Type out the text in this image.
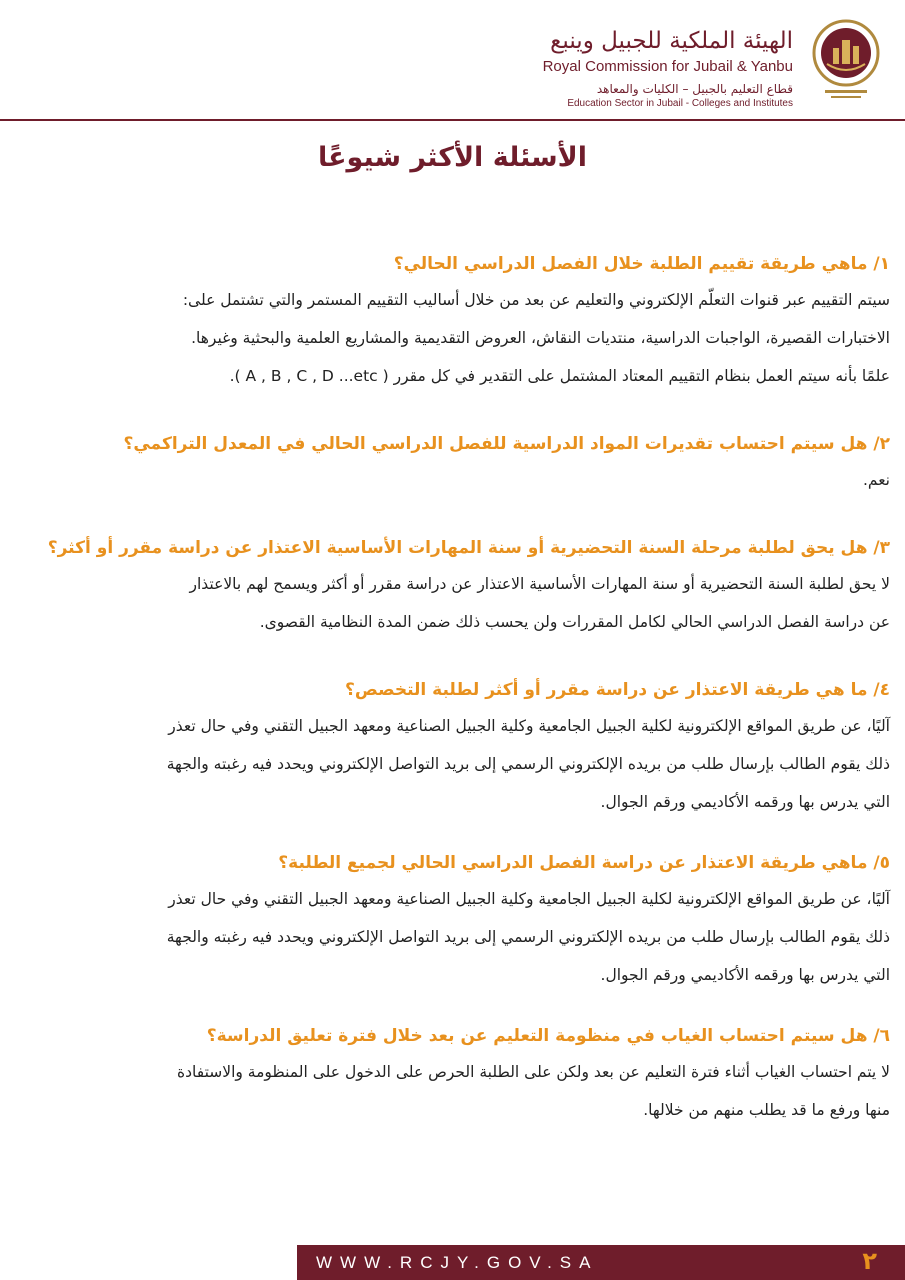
الهيئة الملكية للجبيل وينبع
Royal Commission for Jubail & Yanbu
قطاع التعليم بالجبيل – الكليات والمعاهد
Education Sector in Jubail - Colleges and Institutes
الأسئلة الأكثر شيوعًا

١/ ماهي طريقة تقييم الطلبة خلال الفصل الدراسي الحالي؟

سيتم التقييم عبر قنوات التعلّم الإلكتروني والتعليم عن بعد من خلال أساليب التقييم المستمر والتي تشتمل على:

الاختبارات القصيرة، الواجبات الدراسية، منتديات النقاش، العروض التقديمية والمشاريع العلمية والبحثية وغيرها.

علمًا بأنه سيتم العمل بنظام التقييم المعتاد المشتمل على التقدير في كل مقرر ( A , B , C , D ...etc ).

٢/ هل سيتم احتساب تقديرات المواد الدراسية للفصل الدراسي الحالي في المعدل التراكمي؟

نعم.

٣/ هل يحق لطلبة مرحلة السنة التحضيرية أو سنة المهارات الأساسية الاعتذار عن دراسة مقرر أو أكثر؟

لا يحق لطلبة السنة التحضيرية أو سنة المهارات الأساسية الاعتذار عن دراسة مقرر أو أكثر ويسمح لهم بالاعتذار

عن دراسة الفصل الدراسي الحالي لكامل المقررات ولن يحسب ذلك ضمن المدة النظامية القصوى.

٤/ ما هي طريقة الاعتذار عن دراسة مقرر أو أكثر لطلبة التخصص؟

آليًا، عن طريق المواقع الإلكترونية لكلية الجبيل الجامعية وكلية الجبيل الصناعية ومعهد الجبيل التقني وفي حال تعذر

ذلك يقوم الطالب بإرسال طلب من بريده الإلكتروني الرسمي إلى بريد التواصل الإلكتروني ويحدد فيه رغبته والجهة

التي يدرس بها ورقمه الأكاديمي ورقم الجوال.

٥/ ماهي طريقة الاعتذار عن دراسة الفصل الدراسي الحالي لجميع الطلبة؟

آليًا، عن طريق المواقع الإلكترونية لكلية الجبيل الجامعية وكلية الجبيل الصناعية ومعهد الجبيل التقني وفي حال تعذر

ذلك يقوم الطالب بإرسال طلب من بريده الإلكتروني الرسمي إلى بريد التواصل الإلكتروني ويحدد فيه رغبته والجهة

التي يدرس بها ورقمه الأكاديمي ورقم الجوال.

٦/ هل سيتم احتساب الغياب في منظومة التعليم عن بعد خلال فترة تعليق الدراسة؟

لا يتم احتساب الغياب أثناء فترة التعليم عن بعد ولكن على الطلبة الحرص على الدخول على المنظومة والاستفادة

منها ورفع ما قد يطلب منهم من خلالها.

WWW.RCJY.GOV.SA	٢
